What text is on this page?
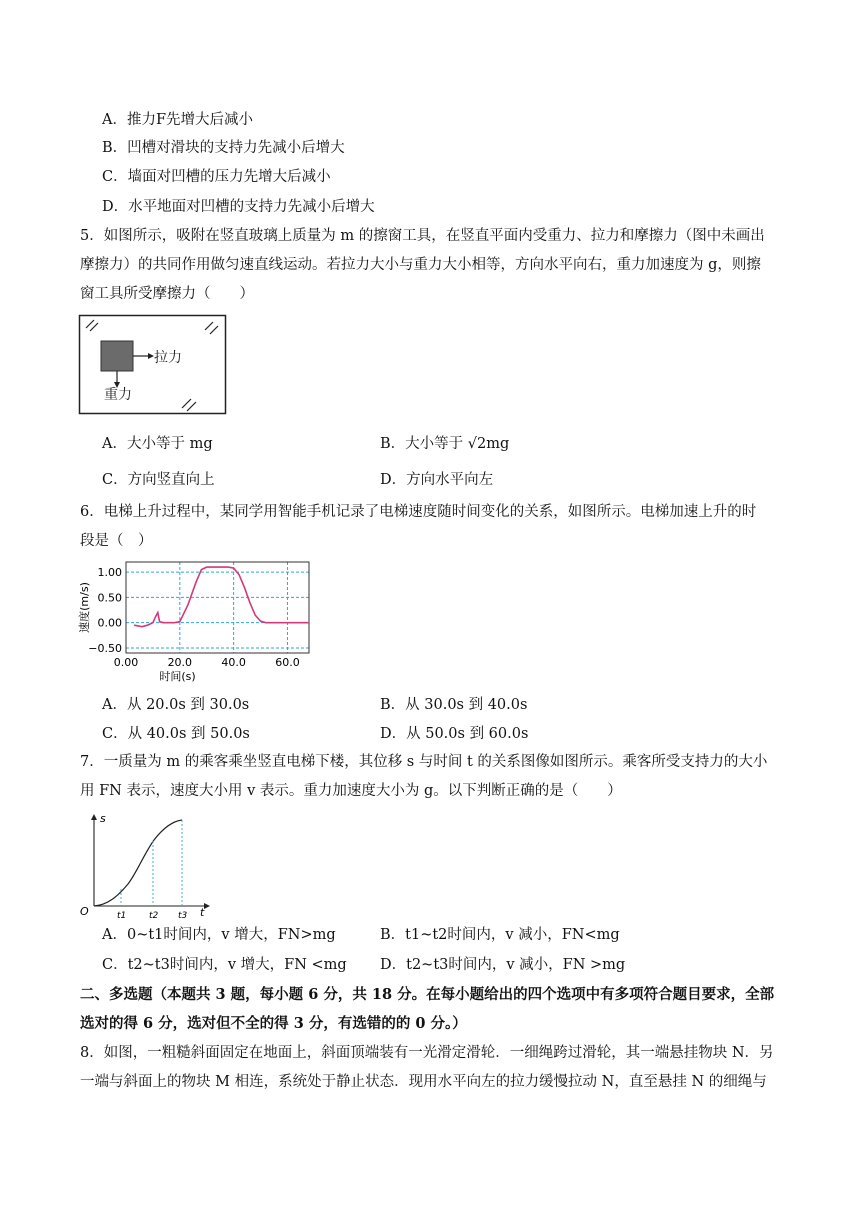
A．推力F先增大后减小
B．凹槽对滑块的支持力先减小后增大
C．墙面对凹槽的压力先增大后减小
D．水平地面对凹槽的支持力先减小后增大
5．如图所示，吸附在竖直玻璃上质量为 m 的擦窗工具，在竖直平面内受重力、拉力和摩擦力（图中未画出
摩擦力）的共同作用做匀速直线运动。若拉力大小与重力大小相等，方向水平向右，重力加速度为 g，则擦
窗工具所受摩擦力（　　）
拉力
重力
A．大小等于 mg	B．大小等于 √2mg
C．方向竖直向上	D．方向水平向左
6．电梯上升过程中，某同学用智能手机记录了电梯速度随时间变化的关系，如图所示。电梯加速上升的时
段是（　）
1.00
0.50
0.00
−0.50
0.00	20.0	40.0	60.0
时间(s)
速度(m/s)
A．从 20.0s 到 30.0s	B．从 30.0s 到 40.0s
C．从 40.0s 到 50.0s	D．从 50.0s 到 60.0s
7．一质量为 m 的乘客乘坐竖直电梯下楼，其位移 s 与时间 t 的关系图像如图所示。乘客所受支持力的大小
用 FN 表示，速度大小用 v 表示。重力加速度大小为 g。以下判断正确的是（　　）
s
O	t
t1	t2 t3
A．0~t1时间内，v 增大，FN>mg	B．t1~t2时间内，v 减小，FN<mg
C．t2~t3时间内，v 增大，FN <mg D．t2~t3时间内，v 减小，FN >mg
二、多选题（本题共 3 题，每小题 6 分，共 18 分。在每小题给出的四个选项中有多项符合题目要求，全部
选对的得 6 分，选对但不全的得 3 分，有选错的的 0 分。）
8．如图，一粗糙斜面固定在地面上，斜面顶端装有一光滑定滑轮．一细绳跨过滑轮，其一端悬挂物块 N．另
一端与斜面上的物块 M 相连，系统处于静止状态．现用水平向左的拉力缓慢拉动 N，直至悬挂 N 的细绳与
